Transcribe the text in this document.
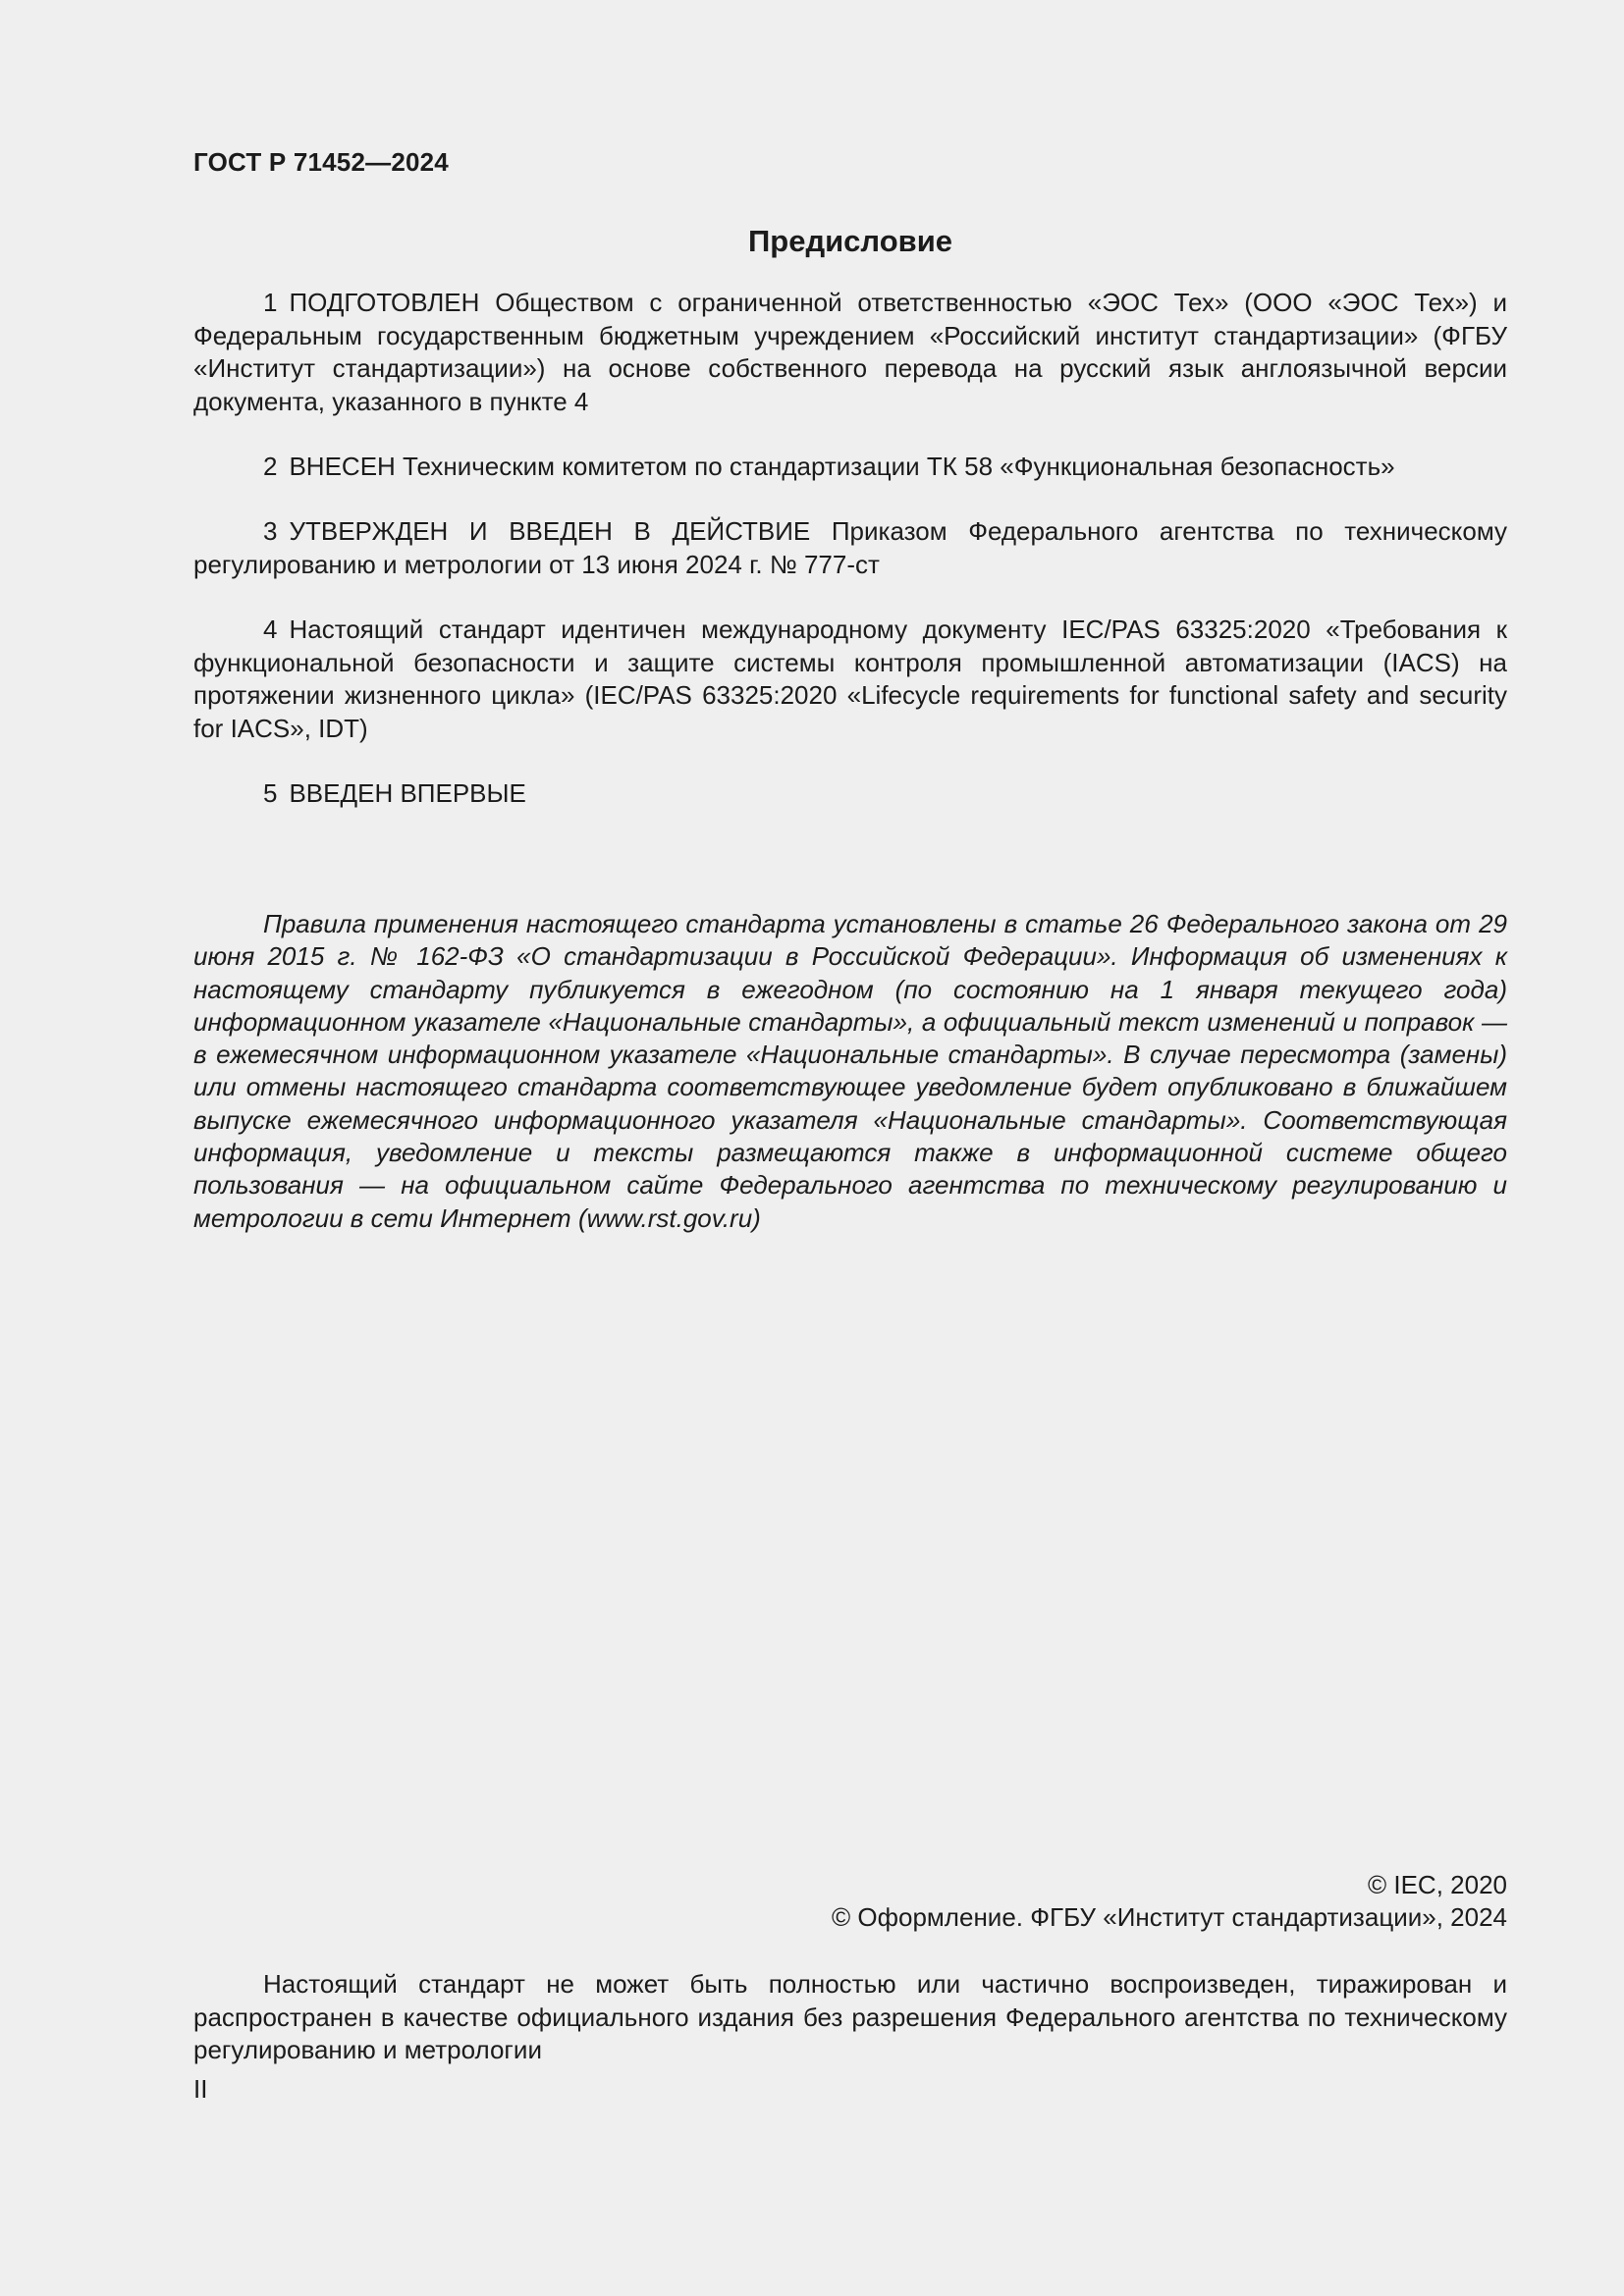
ГОСТ Р 71452—2024
Предисловие

1 ПОДГОТОВЛЕН Обществом с ограниченной ответственностью «ЭОС Тех» (ООО «ЭОС Тех») и Федеральным государственным бюджетным учреждением «Российский институт стандартизации» (ФГБУ «Институт стандартизации») на основе собственного перевода на русский язык англоязычной версии документа, указанного в пункте 4

2 ВНЕСЕН Техническим комитетом по стандартизации ТК 58 «Функциональная безопасность»

3 УТВЕРЖДЕН И ВВЕДЕН В ДЕЙСТВИЕ Приказом Федерального агентства по техническому регулированию и метрологии от 13 июня 2024 г. № 777-ст

4 Настоящий стандарт идентичен международному документу IEC/PAS 63325:2020 «Требования к функциональной безопасности и защите системы контроля промышленной автоматизации (IACS) на протяжении жизненного цикла» (IEC/PAS 63325:2020 «Lifecycle requirements for functional safety and security for IACS», IDT)

5 ВВЕДЕН ВПЕРВЫЕ

Правила применения настоящего стандарта установлены в статье 26 Федерального закона от 29 июня 2015 г. № 162-ФЗ «О стандартизации в Российской Федерации». Информация об изменениях к настоящему стандарту публикуется в ежегодном (по состоянию на 1 января текущего года) информационном указателе «Национальные стандарты», а официальный текст изменений и поправок — в ежемесячном информационном указателе «Национальные стандарты». В случае пересмотра (замены) или отмены настоящего стандарта соответствующее уведомление будет опубликовано в ближайшем выпуске ежемесячного информационного указателя «Национальные стандарты». Соответствующая информация, уведомление и тексты размещаются также в информационной системе общего пользования — на официальном сайте Федерального агентства по техническому регулированию и метрологии в сети Интернет (www.rst.gov.ru)

© IEC, 2020
© Оформление. ФГБУ «Институт стандартизации», 2024

Настоящий стандарт не может быть полностью или частично воспроизведен, тиражирован и распространен в качестве официального издания без разрешения Федерального агентства по техническому регулированию и метрологии

II
